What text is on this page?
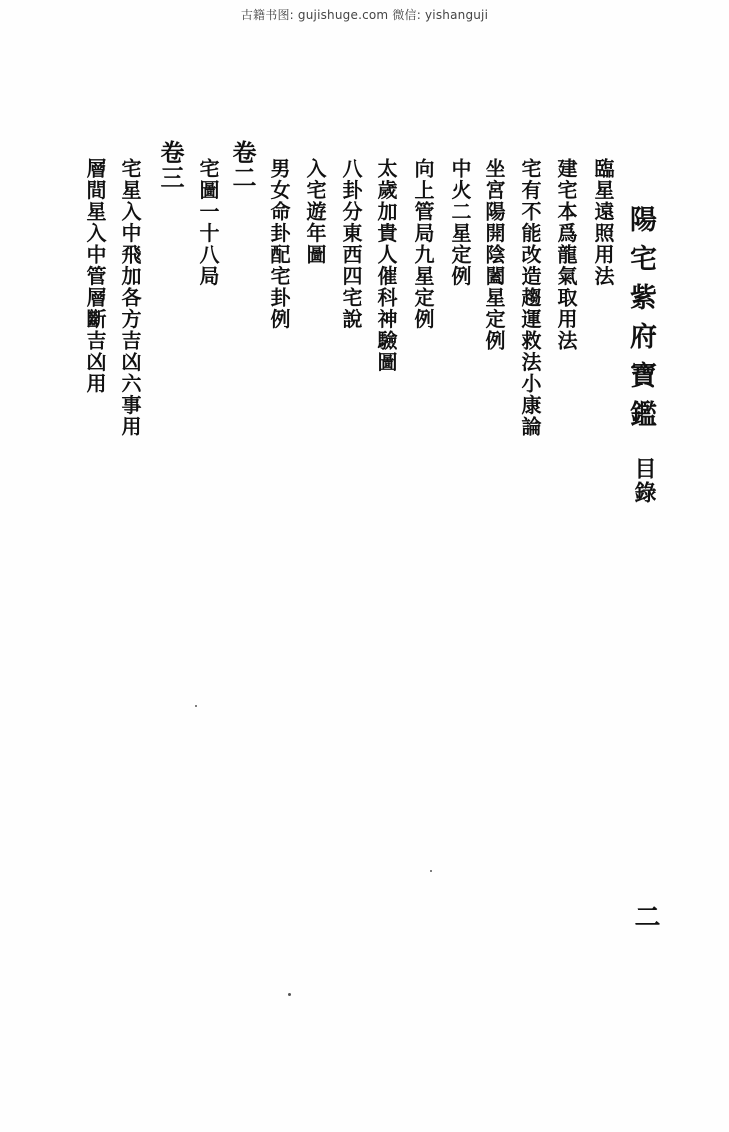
古籍书图: gujishuge.com 微信: yishanguji
陽宅紫府寶鑑
目錄
臨星遠照用法
建宅本爲龍氣取用法
宅有不能改造趨運救法小康論
坐宮陽開陰闔星定例
中火二星定例
向上管局九星定例
太歲加貴人催科神驗圖
八卦分東西四宅說
入宅遊年圖
男女命卦配宅卦例
卷二
宅圖一十八局
卷三
宅星入中飛加各方吉凶六事用
層間星入中管層斷吉凶用
二
